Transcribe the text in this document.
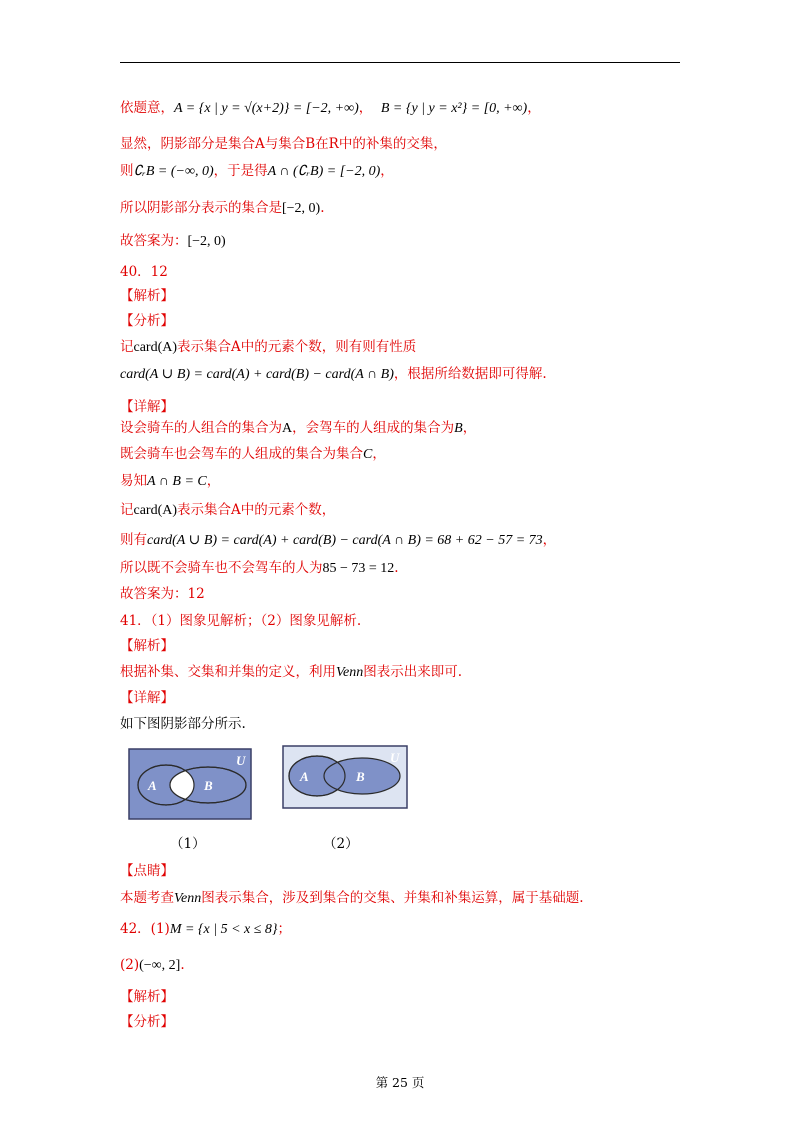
依题意，A = {x | y = √(x+2)} = [−2, +∞)， B = {y | y = x²} = [0, +∞)，
显然，阴影部分是集合A与集合B在R中的补集的交集，
则∁ᵣB = (−∞, 0)，于是得A ∩ (∁ᵣB) = [−2, 0)，
所以阴影部分表示的集合是[−2, 0).
故答案为：[−2, 0)
40．12
【解析】
【分析】
记card(A)表示集合A中的元素个数，则有则有性质
card(A ∪ B) = card(A) + card(B) − card(A ∩ B)，根据所给数据即可得解.
【详解】
设会骑车的人组合的集合为A，会驾车的人组成的集合为B，
既会骑车也会驾车的人组成的集合为集合C，
易知A ∩ B = C，
记card(A)表示集合A中的元素个数，
则有card(A ∪ B) = card(A) + card(B) − card(A ∩ B) = 68 + 62 − 57 = 73，
所以既不会骑车也不会驾车的人为85 − 73 = 12.
故答案为：12
41．（1）图象见解析；（2）图象见解析.
【解析】
根据补集、交集和并集的定义，利用Venn图表示出来即可.
【详解】
如下图阴影部分所示.
A	B
U
A	B
U
（1）	（2）
【点睛】
本题考查Venn图表示集合，涉及到集合的交集、并集和补集运算，属于基础题.
42．(1)M = {x | 5 < x ≤ 8}；
(2)(−∞, 2].
【解析】
【分析】
第 25 页
